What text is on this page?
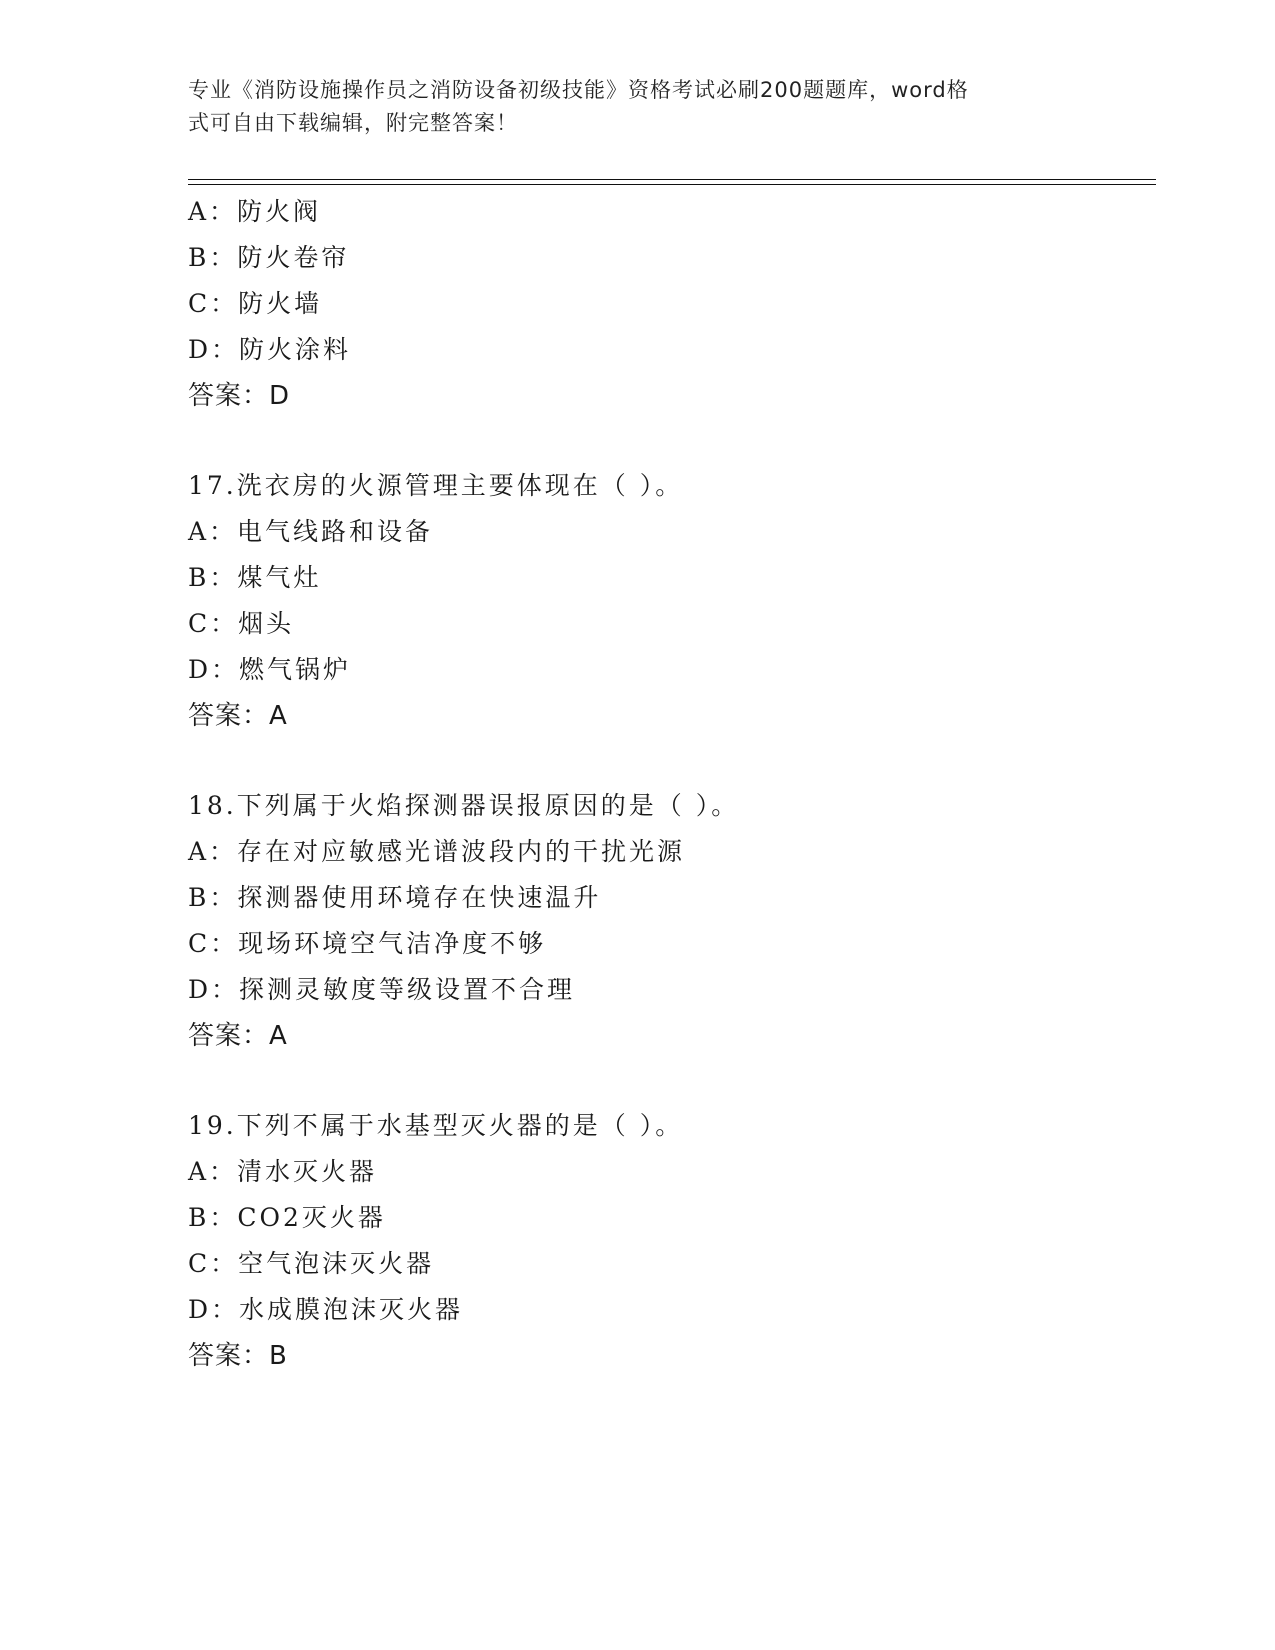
专业《消防设施操作员之消防设备初级技能》资格考试必刷200题题库，word格
式可自由下载编辑，附完整答案！
A：防火阀
B：防火卷帘
C：防火墙
D：防火涂料
答案：D
17.洗衣房的火源管理主要体现在（ ）。
A：电气线路和设备
B：煤气灶
C：烟头
D：燃气锅炉
答案：A
18.下列属于火焰探测器误报原因的是（ ）。
A：存在对应敏感光谱波段内的干扰光源
B：探测器使用环境存在快速温升
C：现场环境空气洁净度不够
D：探测灵敏度等级设置不合理
答案：A
19.下列不属于水基型灭火器的是（ ）。
A：清水灭火器
B：CO2灭火器
C：空气泡沫灭火器
D：水成膜泡沫灭火器
答案：B
